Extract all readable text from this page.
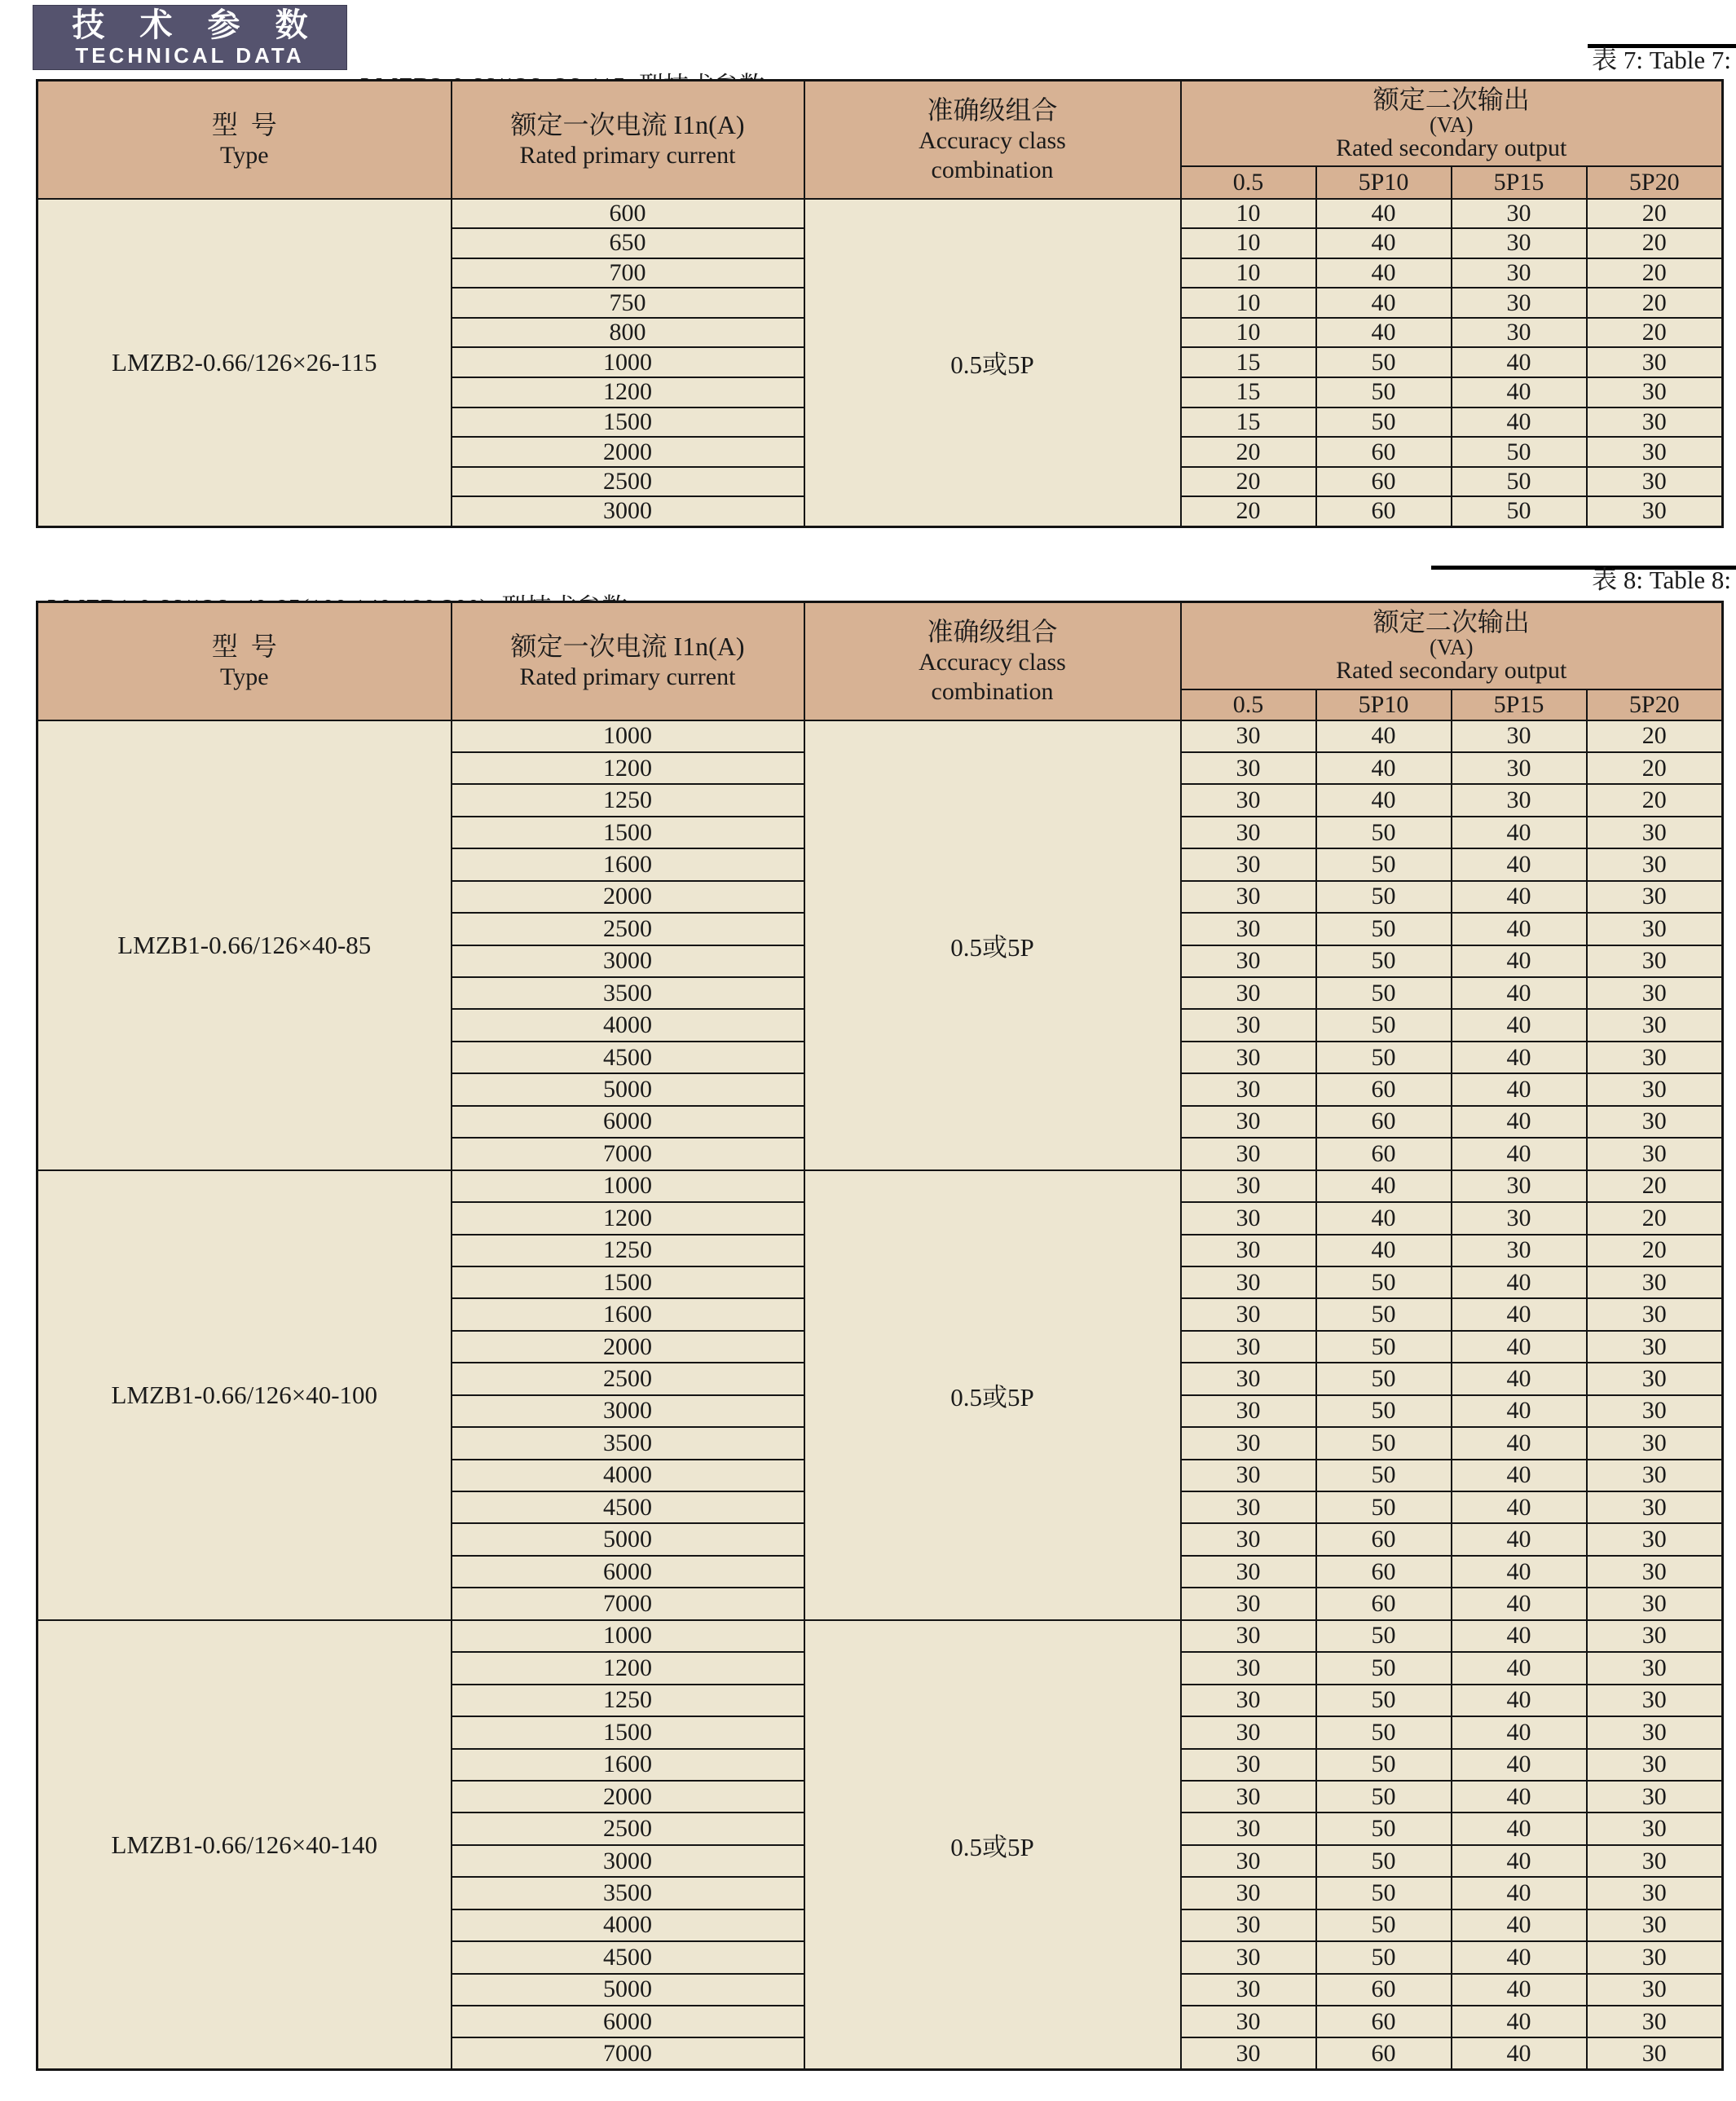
技 术 参 数
TECHNICAL DATA

	表 7: Table 7:
型  号
Type

额定一次电流 I1n(A)
Rated primary current

准确级组合
Accuracy class
combination

额定二次输出
(VA)
Rated secondary output

			0.5	5P10	5P15	5P20
LMZB2-0.66/126×26-115	600	0.5或5P	10	40	30	20
	650		10	40	30	20
	700		10	40	30	20
	750		10	40	30	20
	800		10	40	30	20
	1000		15	50	40	30
	1200		15	50	40	30
	1500		15	50	40	30
	2000		20	60	50	30
	2500		20	60	50	30
	3000		20	60	50	30

表 8: Table 8:
型  号
Type

额定一次电流 I1n(A)
Rated primary current

准确级组合
Accuracy class
combination

额定二次输出
(VA)
Rated secondary output

			0.5	5P10	5P15	5P20
LMZB1-0.66/126×40-85	1000	0.5或5P	30	40	30	20
	1200		30	40	30	20
	1250		30	40	30	20
	1500		30	50	40	30
	1600		30	50	40	30
	2000		30	50	40	30
	2500		30	50	40	30
	3000		30	50	40	30
	3500		30	50	40	30
	4000		30	50	40	30
	4500		30	50	40	30
	5000		30	60	40	30
	6000		30	60	40	30
	7000		30	60	40	30
LMZB1-0.66/126×40-100	1000	0.5或5P	30	40	30	20
	1200		30	40	30	20
	1250		30	40	30	20
	1500		30	50	40	30
	1600		30	50	40	30
	2000		30	50	40	30
	2500		30	50	40	30
	3000		30	50	40	30
	3500		30	50	40	30
	4000		30	50	40	30
	4500		30	50	40	30
	5000		30	60	40	30
	6000		30	60	40	30
	7000		30	60	40	30
LMZB1-0.66/126×40-140	1000	0.5或5P	30	50	40	30
	1200		30	50	40	30
	1250		30	50	40	30
	1500		30	50	40	30
	1600		30	50	40	30
	2000		30	50	40	30
	2500		30	50	40	30
	3000		30	50	40	30
	3500		30	50	40	30
	4000		30	50	40	30
	4500		30	50	40	30
	5000		30	60	40	30
	6000		30	60	40	30
	7000		30	60	40	30
